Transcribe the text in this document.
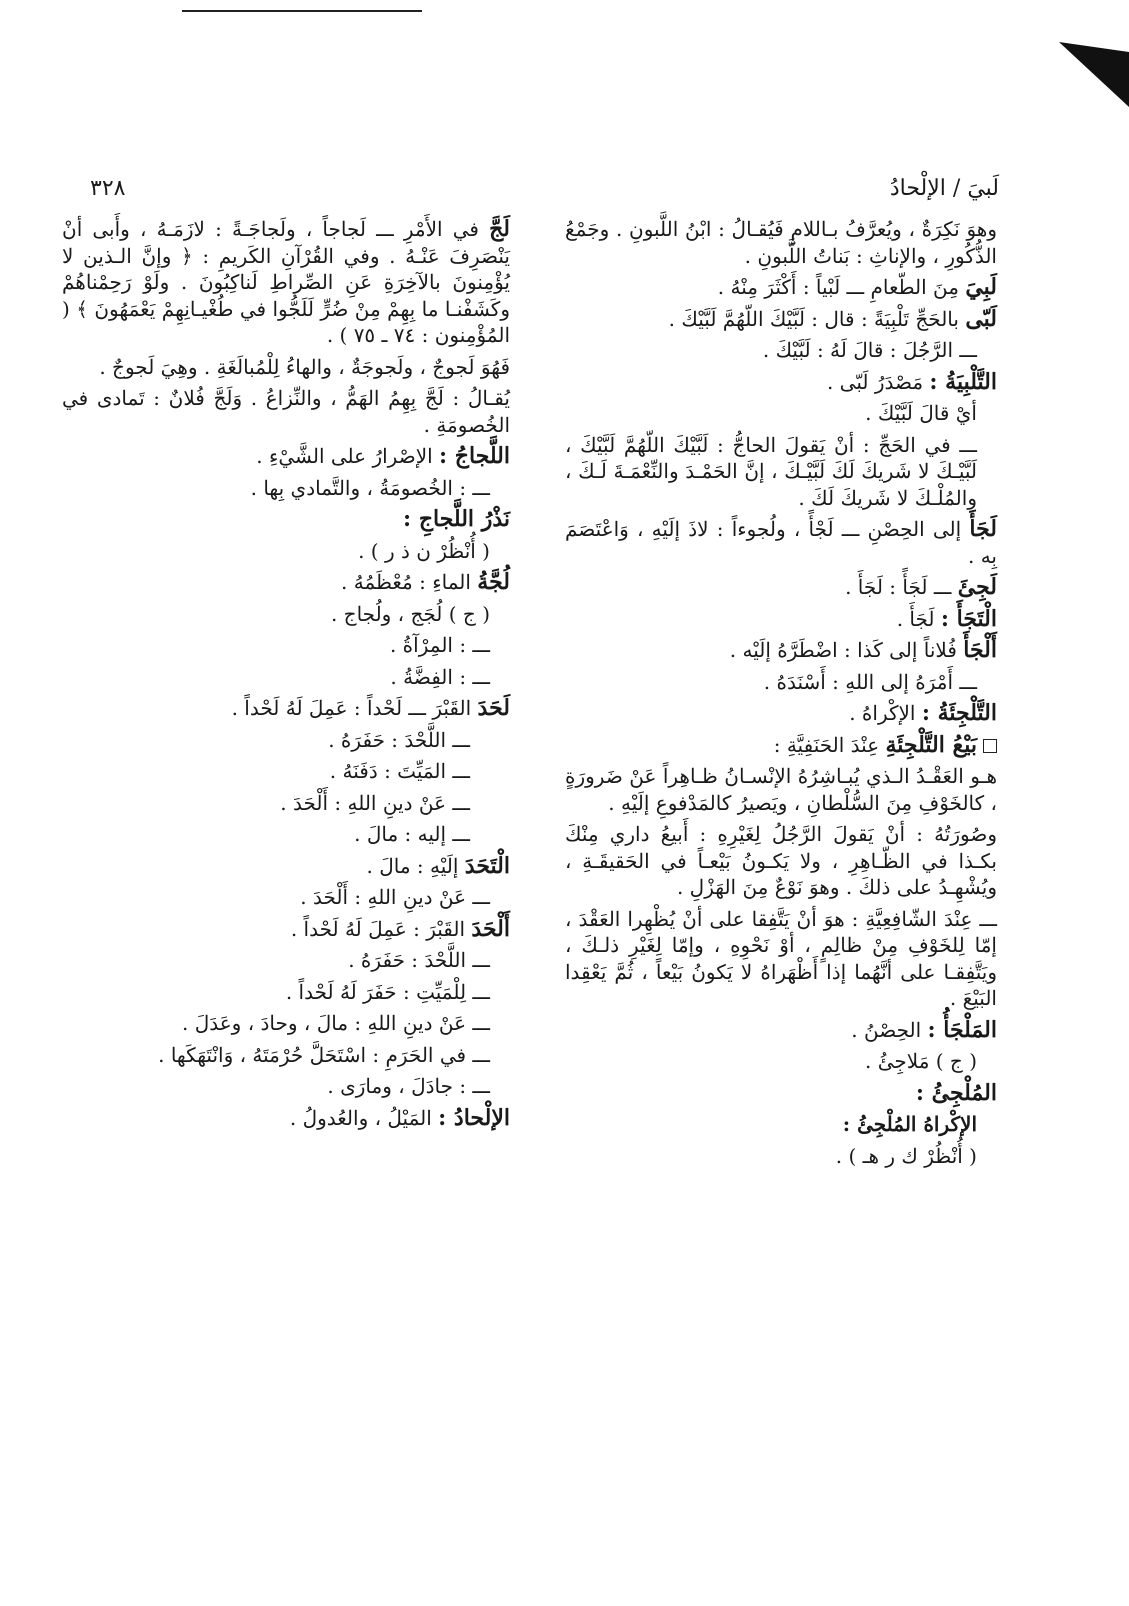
٣٢٨	لَبيَ / الإلْحادُ

وهوَ نَكِرَةٌ ، ويُعرَّفُ بـاللامِ فَيُقـالُ : ابْنُ اللَّبونِ . وجَمْعُ الذُّكُورِ ، والإناثِ : بَناتُ اللَّبونِ .

لَبِيَ مِنَ الطّعامِ ـــ لَبْياً : أَكْثَرَ مِنْهُ .

لَبّى بالحَجِّ تَلْبِيَةً : قال : لَبَّيْكَ اللّهُمَّ لَبَّيْكَ .

ـــ الرَّجُلَ : قالَ لَهُ : لَبَّيْكَ .

التَّلْبِيَةُ : مَصْدَرُ لَبّى .

أيْ قالَ لَبَّيْكَ .

ـــ في الحَجِّ : أنْ يَقولَ الحاجُّ : لَبَّيْكَ اللّهُمَّ لَبَّيْكَ ، لَبَّيْـكَ لا شَريكَ لَكَ لَبَّيْـكَ ، إنَّ الحَمْـدَ والنِّعْمَـةَ لَـكَ ، والمُلْـكَ لا شَريكَ لَكَ .

لَجَأَ إلى الحِصْنِ ـــ لَجْأً ، ولُجوءاً : لاذَ إلَيْهِ ، وَاعْتَصَمَ بِه .

لَجِئَ ـــ لَجَأً : لَجَأَ .

الْتَجَأَ : لَجَأَ .

أَلْجَأَ فُلاناً إلى كَذا : اضْطَرَّهُ إلَيْه .

ـــ أَمْرَهُ إلى اللهِ : أَسْنَدَهُ .

التَّلْجِئَةُ : الإكْراهُ .

بَيْعُ التَّلْجِئَةِ عِنْدَ الحَنَفِيَّةِ :

هـو العَقْـدُ الـذي يُبـاشِرُهُ الإنْسـانُ ظـاهِراً عَنْ ضَرورَةٍ ، كالخَوْفِ مِنَ السُّلْطانِ ، ويَصيرُ كالمَدْفوعِ إلَيْهِ .

وصُورَتُهُ : أنْ يَقولَ الرَّجُلُ لِغَيْرِهِ : أَبيعُ داري مِنْكَ بكـذا في الظّـاهِرِ ، ولا يَكـونُ بَيْعـاً في الحَقيقَـةِ ، ويُشْهِـدُ على ذلكَ . وهوَ نَوْعٌ مِنَ الهَزْلِ .

ـــ عِنْدَ الشّافِعِيَّةِ : هوَ أنْ يَتَّفِقا على أنْ يُظْهِرا العَقْدَ ، إمّا لِلخَوْفِ مِنْ ظالِمٍ ، أوْ نَحْوِهِ ، وإمّا لِغَيْرِ ذلـكَ ، ويَتَّفِقـا على أنَّهُما إذا أَظْهَراهُ لا يَكونُ بَيْعاً ، ثُمَّ يَعْقِدا البَيْعَ .

المَلْجَأُ : الحِصْنُ .

( ج ) مَلاجِئُ .

المُلْجِئُ :

الإكْراهُ المُلْجِئُ :

( أُنْظُرْ ك ر هـ ) .

لَجَّ في الأَمْرِ ـــ لَجاجاً ، ولَجاجَـةً : لازَمَـهُ ، وأَبى أنْ يَنْصَرِفَ عَنْـهُ . وفي القُرْآنِ الكَريمِ : ﴿ وإنَّ الـذين لا يُؤْمِنونَ بالآخِرَةِ عَنِ الصِّراطِ لَناكِبُونَ . ولَوْ رَحِمْناهُمْ وكَشَفْنـا ما بِهِمْ مِنْ ضُرٍّ لَلَجُّوا في طُغْيـانِهِمْ يَعْمَهُونَ ﴾ ( المُؤْمِنون : ٧٤ ـ ٧٥ ) .

فَهُوَ لَجوجٌ ، ولَجوجَةٌ ، والهاءُ لِلْمُبالَغَةِ . وهِيَ لَجوجٌ .

يُقـالُ : لَجَّ بِهِمُ الهَمُّ ، والنِّزاعُ . وَلَجَّ فُلانٌ : تَمادى في الخُصومَةِ .

اللَّجاجُ : الإصْرارُ على الشَّيْءِ .

ـــ : الخُصومَةُ ، والتَّمادي بِها .

نَذْرُ اللَّجاجِ :

( أُنْظُرْ ن ذ ر ) .

لُجَّةُ الماءِ : مُعْظَمُهُ .

( ج ) لُجَج ، ولُجاج .

ـــ : المِرْآةُ .

ـــ : الفِضَّةُ .

لَحَدَ القَبْرَ ـــ لَحْداً : عَمِلَ لَهُ لَحْداً .

ـــ اللَّحْدَ : حَفَرَهُ .

ـــ المَيِّتَ : دَفَنَهُ .

ـــ عَنْ دينِ اللهِ : أَلْحَدَ .

ـــ إليه : مالَ .

الْتَحَدَ إلَيْهِ : مالَ .

ـــ عَنْ دينِ اللهِ : أَلْحَدَ .

أَلْحَدَ القَبْرَ : عَمِلَ لَهُ لَحْداً .

ـــ اللَّحْدَ : حَفَرَهُ .

ـــ لِلْمَيِّتِ : حَفَرَ لَهُ لَحْداً .

ـــ عَنْ دينِ اللهِ : مالَ ، وحادَ ، وعَدَلَ .

ـــ في الحَرَمِ : اسْتَحَلَّ حُرْمَتَهُ ، وَانْتَهَكَها .

ـــ : جادَلَ ، ومارَى .

الإلْحادُ : المَيْلُ ، والعُدولُ .
